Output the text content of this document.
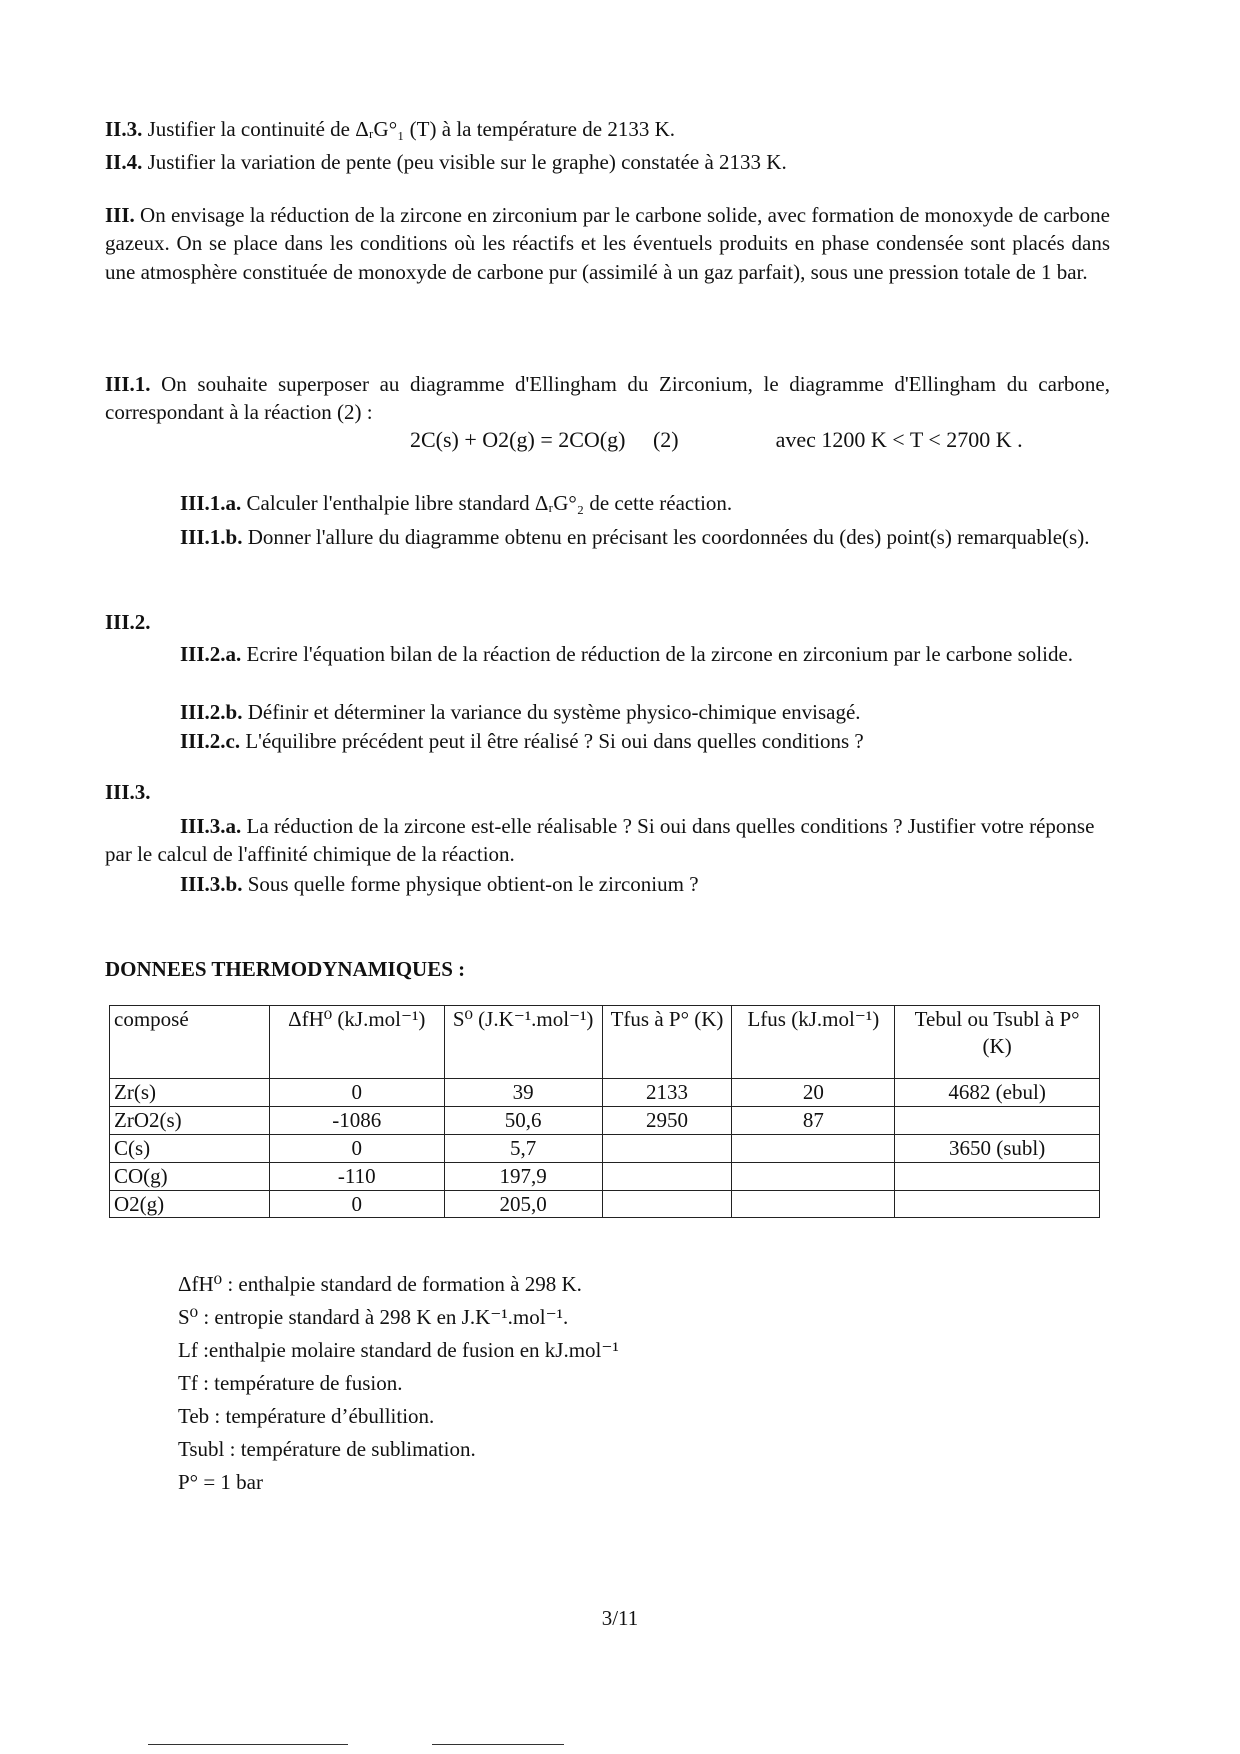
II.3. Justifier la continuité de ΔᵣG°₁ (T) à la température de 2133 K.

II.4. Justifier la variation de pente (peu visible sur le graphe) constatée à 2133 K.

III. On envisage la réduction de la zircone en zirconium par le carbone solide, avec formation de monoxyde de carbone gazeux. On se place dans les conditions où les réactifs et les éventuels produits en phase condensée sont placés dans une atmosphère constituée de monoxyde de carbone pur (assimilé à un gaz parfait), sous une pression totale de 1 bar.

III.1. On souhaite superposer au diagramme d'Ellingham du Zirconium, le diagramme d'Ellingham du carbone, correspondant à la réaction (2) :

2C(s) + O2(g) = 2CO(g) (2)	avec 1200 K < T < 2700 K .

III.1.a. Calculer l'enthalpie libre standard ΔᵣG°₂ de cette réaction.

III.1.b. Donner l'allure du diagramme obtenu en précisant les coordonnées du (des) point(s) remarquable(s).

III.2.

III.2.a. Ecrire l'équation bilan de la réaction de réduction de la zircone en zirconium par le carbone solide.

III.2.b. Définir et déterminer la variance du système physico-chimique envisagé.

III.2.c. L'équilibre précédent peut il être réalisé ? Si oui dans quelles conditions ?

III.3.

III.3.a. La réduction de la zircone est-elle réalisable ? Si oui dans quelles conditions ? Justifier votre réponse par le calcul de l'affinité chimique de la réaction.

III.3.b. Sous quelle forme physique obtient-on le zirconium ?

DONNEES THERMODYNAMIQUES :

composé	ΔfH⁰ (kJ.mol⁻¹)	S⁰ (J.K⁻¹.mol⁻¹)	Tfus à P° (K)	Lfus (kJ.mol⁻¹)	Tebul ou Tsubl à P° (K)
Zr(s)	0	39	2133	20	4682 (ebul)
ZrO2(s)	-1086	50,6	2950	87	
C(s)	0	5,7			3650 (subl)
CO(g)	-110	197,9			
O2(g)	0	205,0			
ΔfH⁰ : enthalpie standard de formation à 298 K.
S⁰ : entropie standard à 298 K en J.K⁻¹.mol⁻¹.
Lf :enthalpie molaire standard de fusion en kJ.mol⁻¹
Tf : température de fusion.
Teb : température d’ébullition.
Tsubl : température de sublimation.
P° = 1 bar
3/11
